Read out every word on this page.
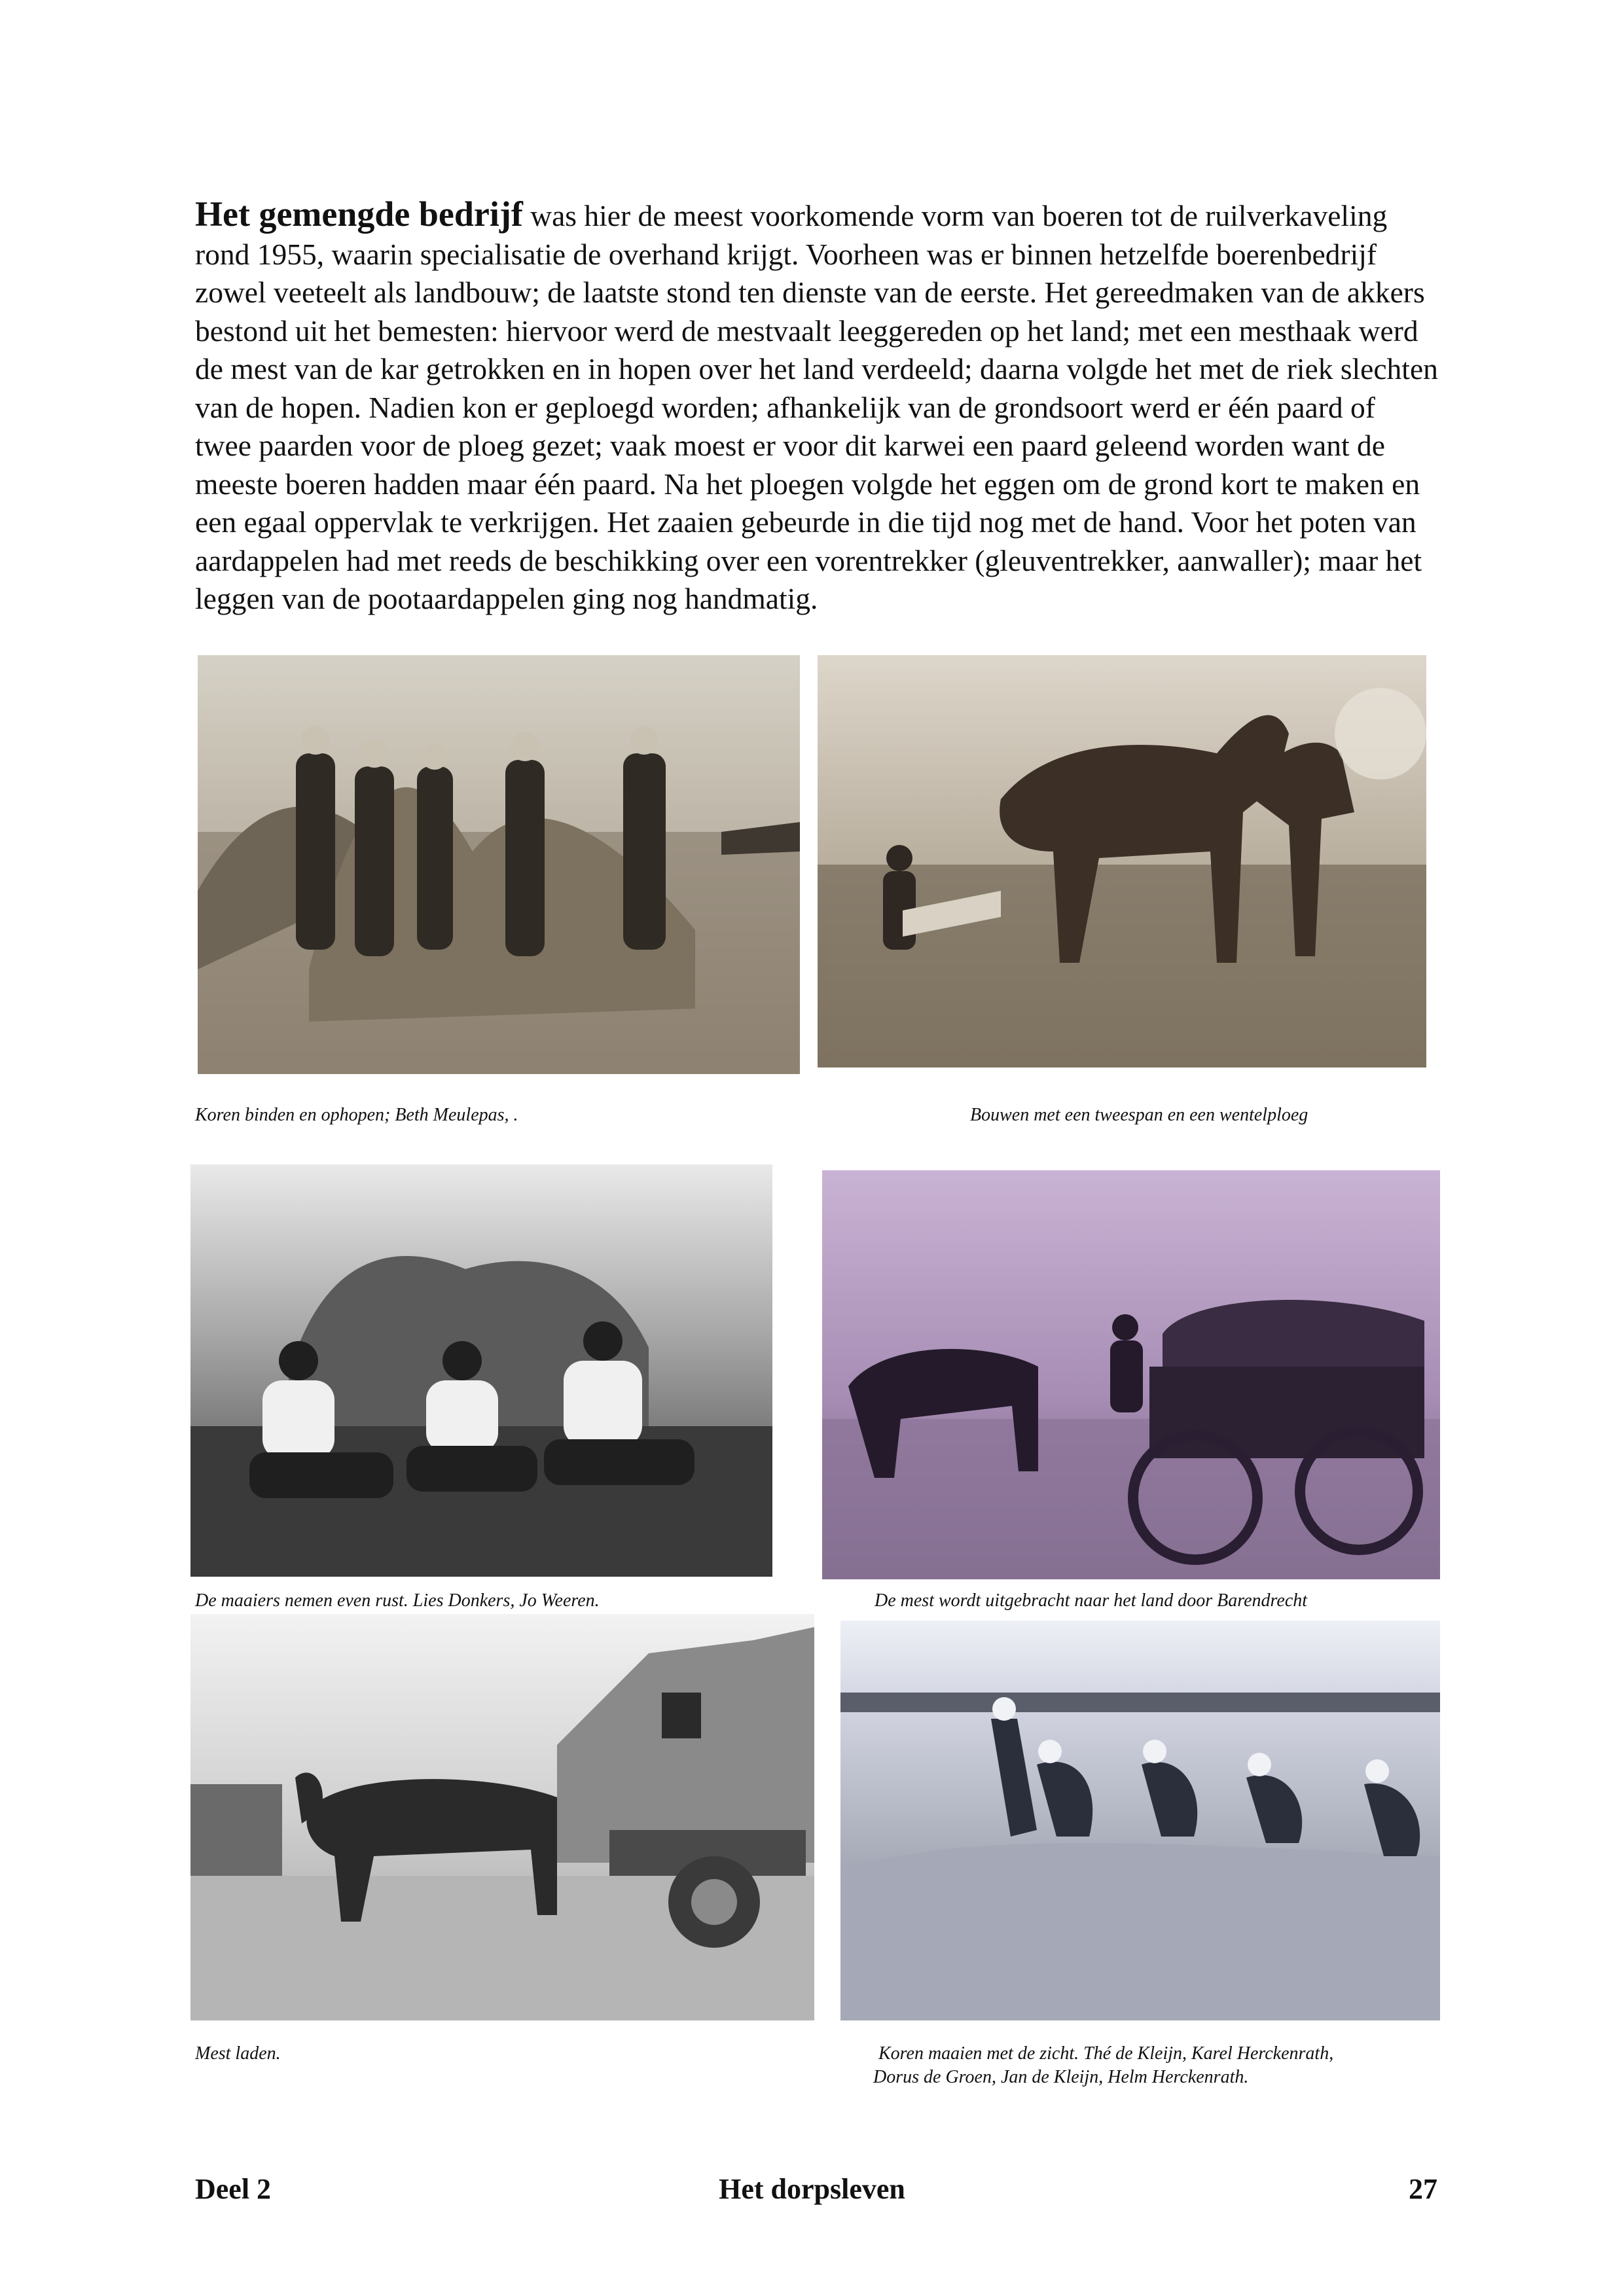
Het gemengde bedrijf was hier de meest voorkomende vorm van boeren tot de ruilverkaveling rond 1955, waarin specialisatie de overhand krijgt. Voorheen was er binnen hetzelfde boerenbedrijf zowel veeteelt als landbouw; de laatste stond ten dienste van de eerste. Het gereedmaken van de akkers bestond uit het bemesten: hiervoor werd de mestvaalt leeggereden op het land; met een mesthaak werd de mest van de kar getrokken en in hopen over het land verdeeld; daarna volgde het met de riek slechten van de hopen. Nadien kon er geploegd worden; afhankelijk van de grondsoort werd er één paard of twee paarden voor de ploeg gezet; vaak moest er voor dit karwei een paard geleend worden want de meeste boeren hadden maar één paard. Na het ploegen volgde het eggen om de grond kort te maken en een egaal oppervlak te verkrijgen. Het zaaien gebeurde in die tijd nog met de hand. Voor het poten van aardappelen had met reeds de beschikking over een vorentrekker (gleuventrekker, aanwaller); maar het leggen van de pootaardappelen ging nog handmatig.

Koren binden en ophopen; Beth Meulepas, .	Bouwen met een tweespan en een wentelploeg

De maaiers nemen even rust. Lies Donkers, Jo Weeren.	De mest wordt uitgebracht naar het land door Barendrecht

Mest laden.	Koren maaien met de zicht. Thé de Kleijn, Karel Herckenrath,

Dorus de Groen, Jan de Kleijn, Helm Herckenrath.

Deel 2	Het dorpsleven	27
